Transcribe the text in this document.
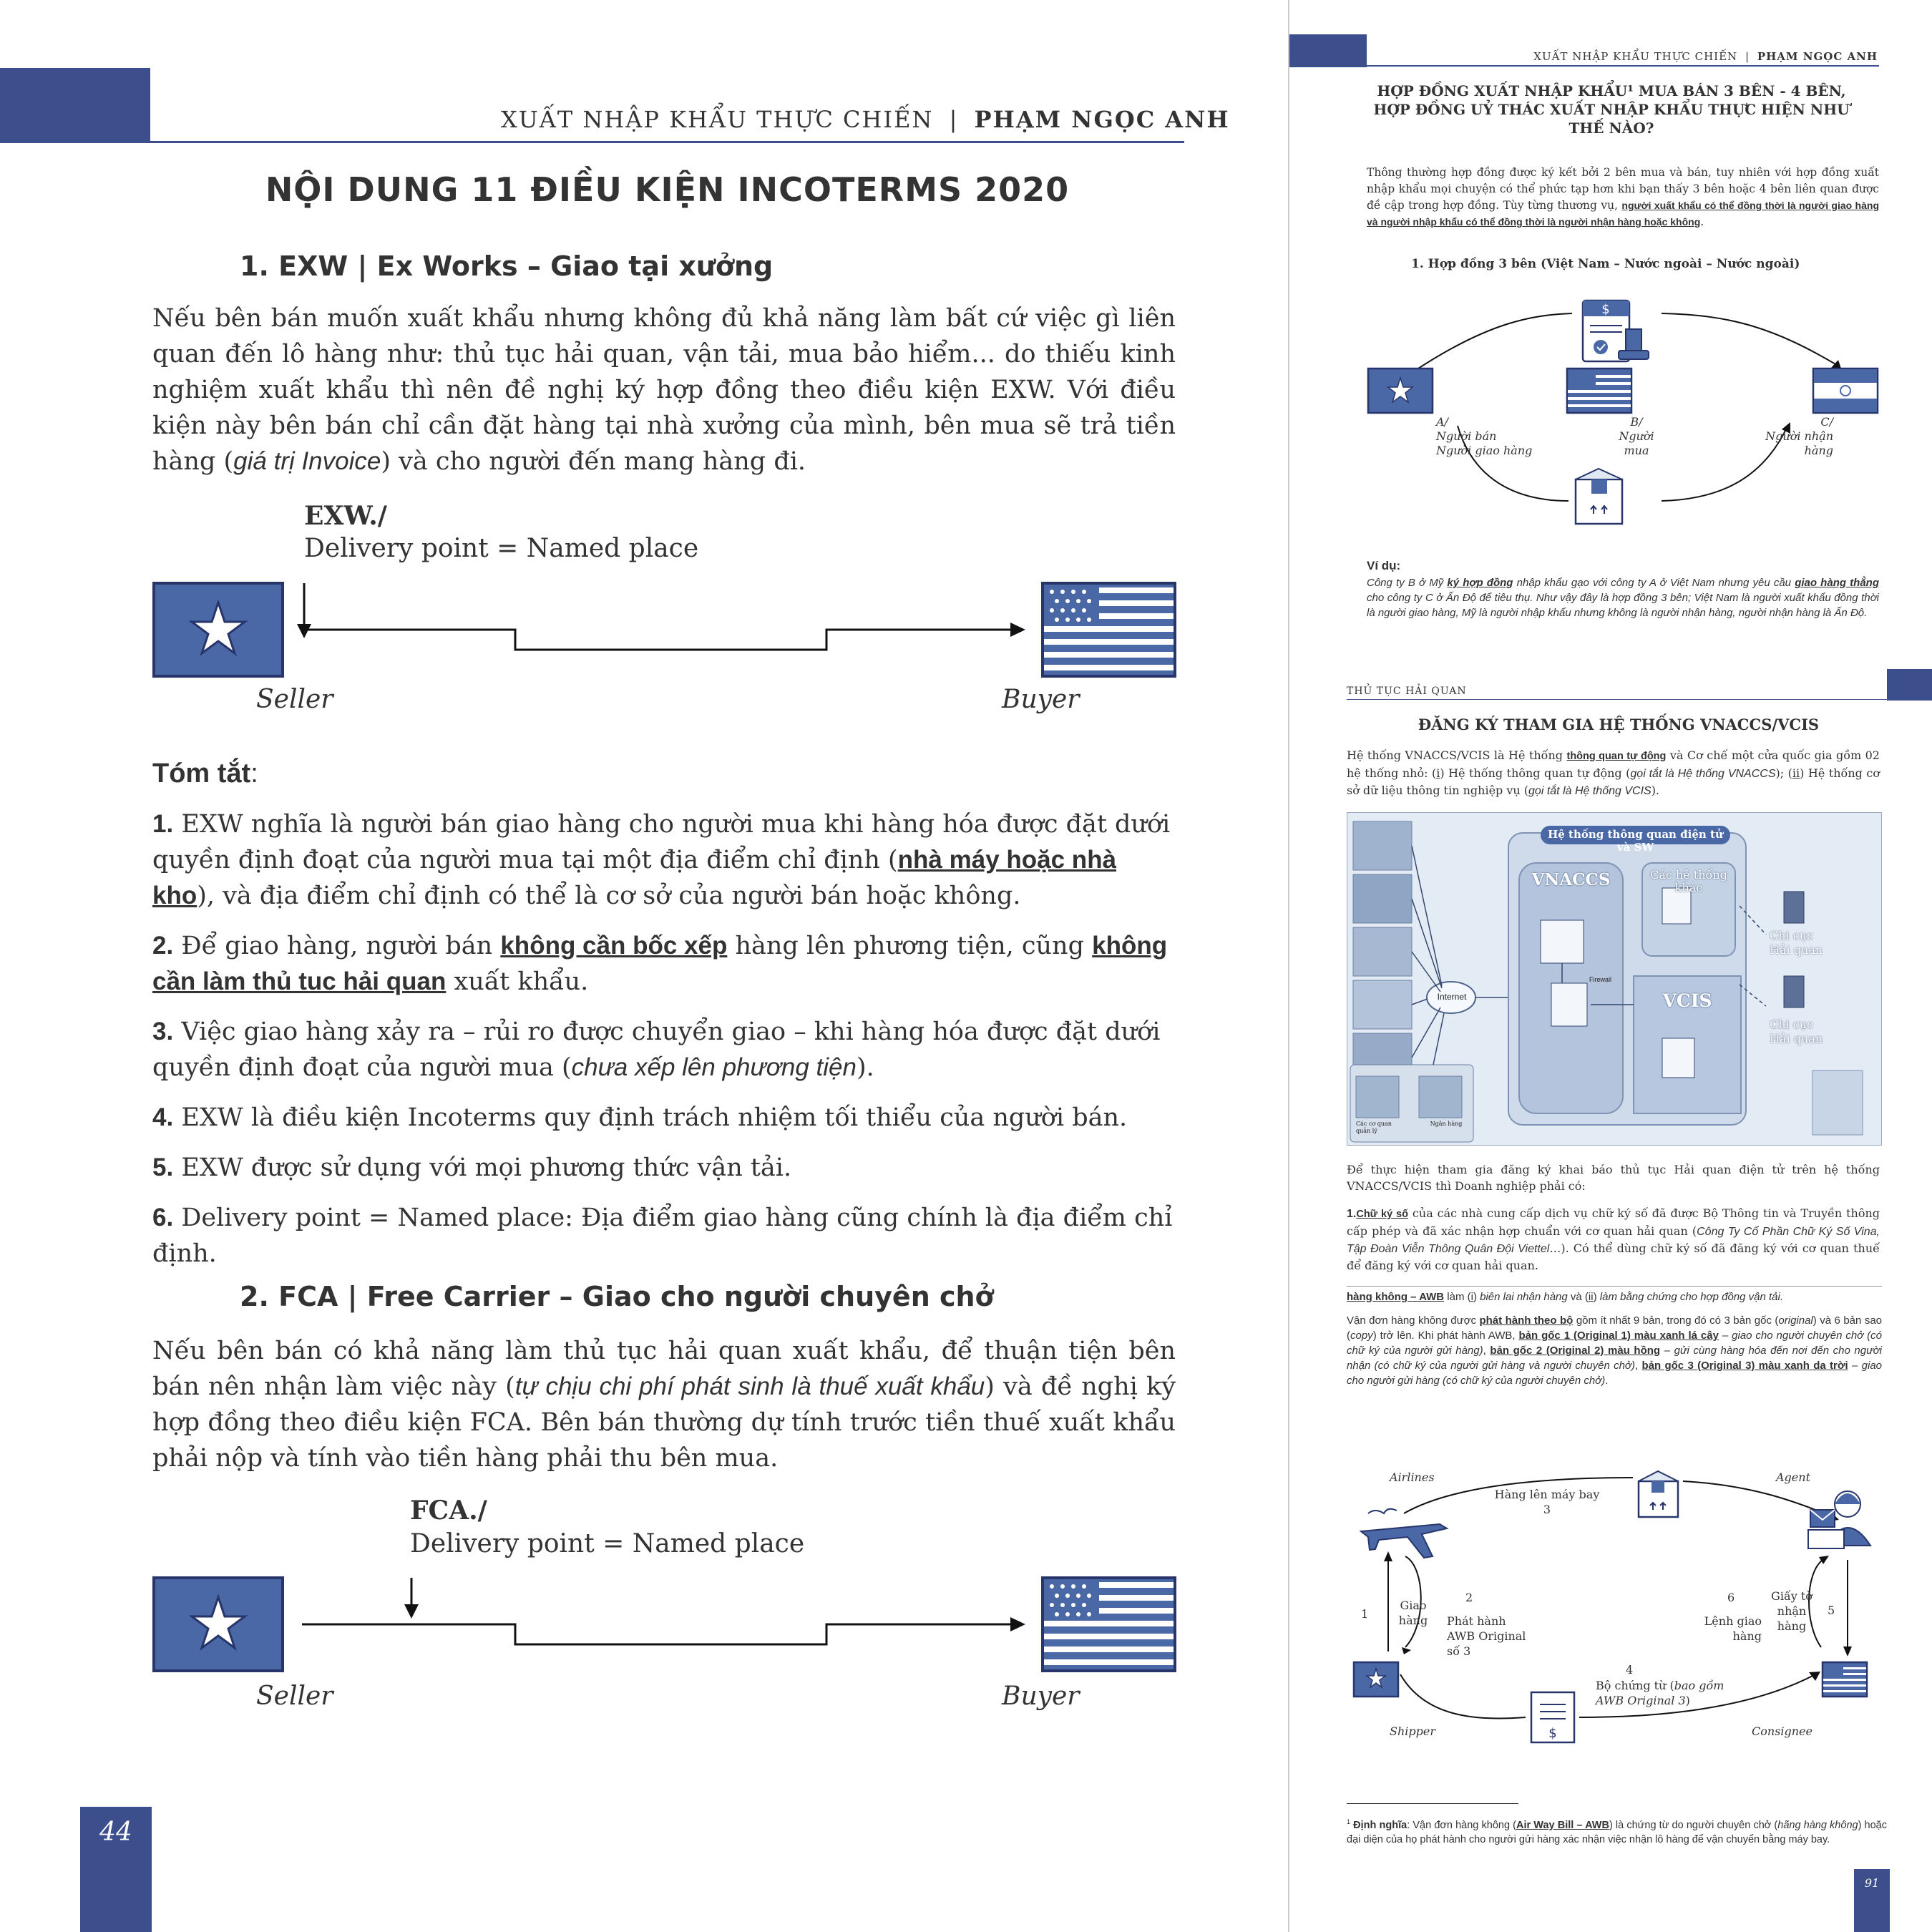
XUẤT NHẬP KHẨU THỰC CHIẾN | PHẠM NGỌC ANH
NỘI DUNG 11 ĐIỀU KIỆN INCOTERMS 2020
1. EXW | Ex Works – Giao tại xưởng
Nếu bên bán muốn xuất khẩu nhưng không đủ khả năng làm bất cứ việc gì liên quan đến lô hàng như: thủ tục hải quan, vận tải, mua bảo hiểm... do thiếu kinh nghiệm xuất khẩu thì nên đề nghị ký hợp đồng theo điều kiện EXW. Với điều kiện này bên bán chỉ cần đặt hàng tại nhà xưởng của mình, bên mua sẽ trả tiền hàng (giá trị Invoice) và cho người đến mang hàng đi.
EXW./
Delivery point = Named place
Seller	Buyer
Tóm tắt:

1. EXW nghĩa là người bán giao hàng cho người mua khi hàng hóa được đặt dưới quyền định đoạt của người mua tại một địa điểm chỉ định (nhà máy hoặc nhà kho), và địa điểm chỉ định có thể là cơ sở của người bán hoặc không.

2. Để giao hàng, người bán không cần bốc xếp hàng lên phương tiện, cũng không cần làm thủ tuc hải quan xuất khẩu.

3. Việc giao hàng xảy ra – rủi ro được chuyển giao – khi hàng hóa được đặt dưới quyền định đoạt của người mua (chưa xếp lên phương tiện).

4. EXW là điều kiện Incoterms quy định trách nhiệm tối thiểu của người bán.

5. EXW được sử dụng với mọi phương thức vận tải.

6. Delivery point = Named place: Địa điểm giao hàng cũng chính là địa điểm chỉ định.

2. FCA | Free Carrier – Giao cho người chuyên chở
Nếu bên bán có khả năng làm thủ tục hải quan xuất khẩu, để thuận tiện bên bán nên nhận làm việc này (tự chịu chi phí phát sinh là thuế xuất khẩu) và đề nghị ký hợp đồng theo điều kiện FCA. Bên bán thường dự tính trước tiền thuế xuất khẩu phải nộp và tính vào tiền hàng phải thu bên mua.
FCA./
Delivery point = Named place
Seller	Buyer
44
XUẤT NHẬP KHẨU THỰC CHIẾN | PHẠM NGỌC ANH
HỢP ĐỒNG XUẤT NHẬP KHẨU¹ MUA BÁN 3 BÊN - 4 BÊN,
HỢP ĐỒNG UỶ THÁC XUẤT NHẬP KHẨU THỰC HIỆN NHƯ
THẾ NÀO?
Thông thường hợp đồng được ký kết bởi 2 bên mua và bán, tuy nhiên với hợp đồng xuất nhập khẩu mọi chuyện có thể phức tạp hơn khi bạn thấy 3 bên hoặc 4 bên liên quan được đề cập trong hợp đồng. Tùy từng thương vụ, người xuất khẩu có thể đồng thời là người giao hàng và người nhập khẩu có thể đồng thời là người nhận hàng hoặc không.
1. Hợp đồng 3 bên (Việt Nam – Nước ngoài – Nước ngoài)
$
A/
Người bán
Người giao hàng
B/
Người
mua
C/
Người nhận
hàng
Ví dụ:
Công ty B ở Mỹ ký hợp đồng nhập khẩu gạo với công ty A ở Việt Nam nhưng yêu cầu giao hàng thẳng cho công ty C ở Ấn Độ để tiêu thụ. Như vậy đây là hợp đồng 3 bên; Việt Nam là người xuất khẩu đồng thời là người giao hàng, Mỹ là người nhập khẩu nhưng không là người nhận hàng, người nhận hàng là Ấn Độ.
THỦ TỤC HẢI QUAN
ĐĂNG KÝ THAM GIA HỆ THỐNG VNACCS/VCIS
Hệ thống VNACCS/VCIS là Hệ thống thông quan tự động và Cơ chế một cửa quốc gia gồm 02 hệ thống nhỏ: (i) Hệ thống thông quan tự động (gọi tắt là Hệ thống VNACCS); (ii) Hệ thống cơ sở dữ liệu thông tin nghiệp vụ (gọi tắt là Hệ thống VCIS).
Hệ thống thông quan điện tử và SW
VNACCS	Các hệ thống khác
Internet
Firewall
VCIS
Chi cục Hải quan
Chi cục Hải quan
Các cơ quan quản lý
Ngân hàng
Để thực hiện tham gia đăng ký khai báo thủ tục Hải quan điện tử trên hệ thống VNACCS/VCIS thì Doanh nghiệp phải có:
1.Chữ ký số của các nhà cung cấp dịch vụ chữ ký số đã được Bộ Thông tin và Truyền thông cấp phép và đã xác nhận hợp chuẩn với cơ quan hải quan (Công Ty Cổ Phần Chữ Ký Số Vina, Tập Đoàn Viễn Thông Quân Đội Viettel…). Có thể dùng chữ ký số đã đăng ký với cơ quan thuế để đăng ký với cơ quan hải quan.
hàng không – AWB làm (i) biên lai nhận hàng và (ii) làm bằng chứng cho hợp đồng vận tải.
Vận đơn hàng không được phát hành theo bộ gồm ít nhất 9 bản, trong đó có 3 bản gốc (original) và 6 bản sao (copy) trở lên. Khi phát hành AWB, bản gốc 1 (Original 1) màu xanh lá cây – giao cho người chuyên chở (có chữ ký của người gửi hàng), bản gốc 2 (Original 2) màu hồng – gửi cùng hàng hóa đến nơi đến cho người nhận (có chữ ký của người gửi hàng và người chuyên chở), bản gốc 3 (Original 3) màu xanh da trời – giao cho người gửi hàng (có chữ ký của người chuyên chở).
$
Airlines	Agent
Shipper	Consignee
Hàng lên máy bay
3
1
Giao
hàng
2
Phát hành
AWB Original
số 3
6
Lệnh giao
hàng
Giấy tờ
nhận
hàng
5
4
Bộ chứng từ (bao gồm AWB Original 3)
$^1$ Định nghĩa: Vận đơn hàng không (Air Way Bill – AWB) là chứng từ do người chuyên chở (hãng hàng không) hoặc đại diện của họ phát hành cho người gửi hàng xác nhận việc nhận lô hàng để vận chuyển bằng máy bay.
91
